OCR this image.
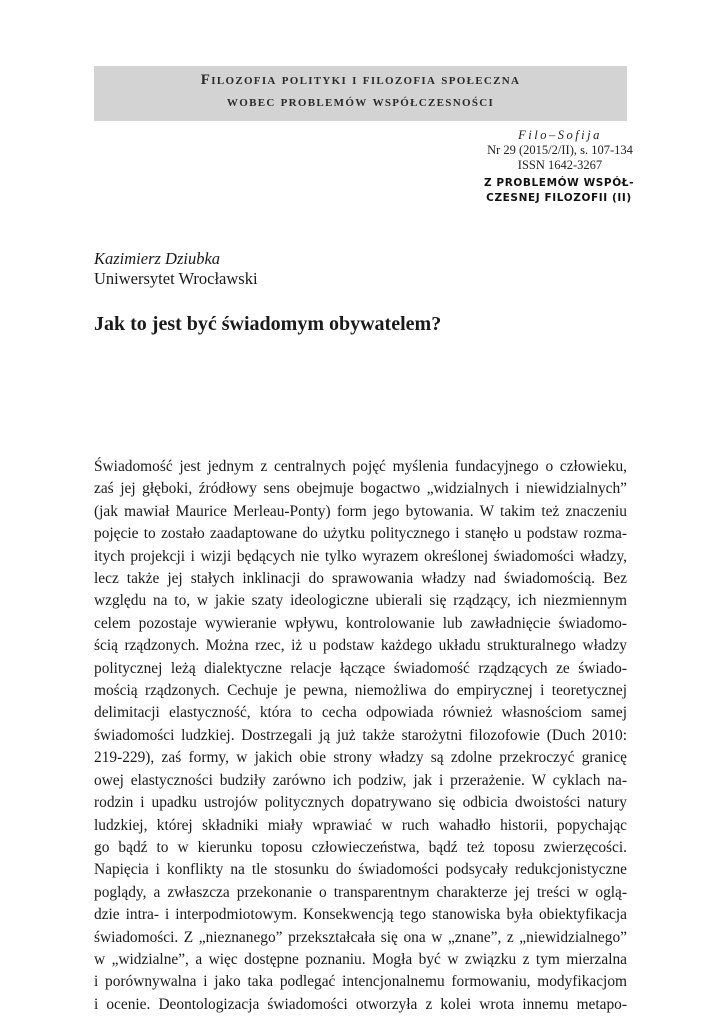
Filozofia polityki i filozofia społeczna
wobec problemów współczesności
Filo–Sofija
Nr 29 (2015/2/II), s. 107-134
ISSN 1642-3267
Z PROBLEMÓW WSPÓŁ-
CZESNEJ FILOZOFII (II)
Kazimierz Dziubka
Uniwersytet Wrocławski
Jak to jest być świadomym obywatelem?
Świadomość jest jednym z centralnych pojęć myślenia fundacyjnego o człowieku,
zaś jej głęboki, źródłowy sens obejmuje bogactwo „widzialnych i niewidzialnych”
(jak mawiał Maurice Merleau-Ponty) form jego bytowania. W takim też znaczeniu
pojęcie to zostało zaadaptowane do użytku politycznego i stanęło u podstaw rozma-
itych projekcji i wizji będących nie tylko wyrazem określonej świadomości władzy,
lecz także jej stałych inklinacji do sprawowania władzy nad świadomością. Bez
względu na to, w jakie szaty ideologiczne ubierali się rządzący, ich niezmiennym
celem pozostaje wywieranie wpływu, kontrolowanie lub zawładnięcie świadomo-
ścią rządzonych. Można rzec, iż u podstaw każdego układu strukturalnego władzy
politycznej leżą dialektyczne relacje łączące świadomość rządzących ze świado-
mością rządzonych. Cechuje je pewna, niemożliwa do empirycznej i teoretycznej
delimitacji elastyczność, która to cecha odpowiada również własnościom samej
świadomości ludzkiej. Dostrzegali ją już także starożytni filozofowie (Duch 2010:
219-229), zaś formy, w jakich obie strony władzy są zdolne przekroczyć granicę
owej elastyczności budziły zarówno ich podziw, jak i przerażenie. W cyklach na-
rodzin i upadku ustrojów politycznych dopatrywano się odbicia dwoistości natury
ludzkiej, której składniki miały wprawiać w ruch wahadło historii, popychając
go bądź to w kierunku toposu człowieczeństwa, bądź też toposu zwierzęcości.
Napięcia i konflikty na tle stosunku do świadomości podsycały redukcjonistyczne
poglądy, a zwłaszcza przekonanie o transparentnym charakterze jej treści w oglą-
dzie intra- i interpodmiotowym. Konsekwencją tego stanowiska była obiektyfikacja
świadomości. Z „nieznanego” przekształcała się ona w „znane”, z „niewidzialnego”
w „widzialne”, a więc dostępne poznaniu. Mogła być w związku z tym mierzalna
i porównywalna i jako taka podlegać intencjonalnemu formowaniu, modyfikacjom
i ocenie. Deontologizacja świadomości otworzyła z kolei wrota innemu metapo-
